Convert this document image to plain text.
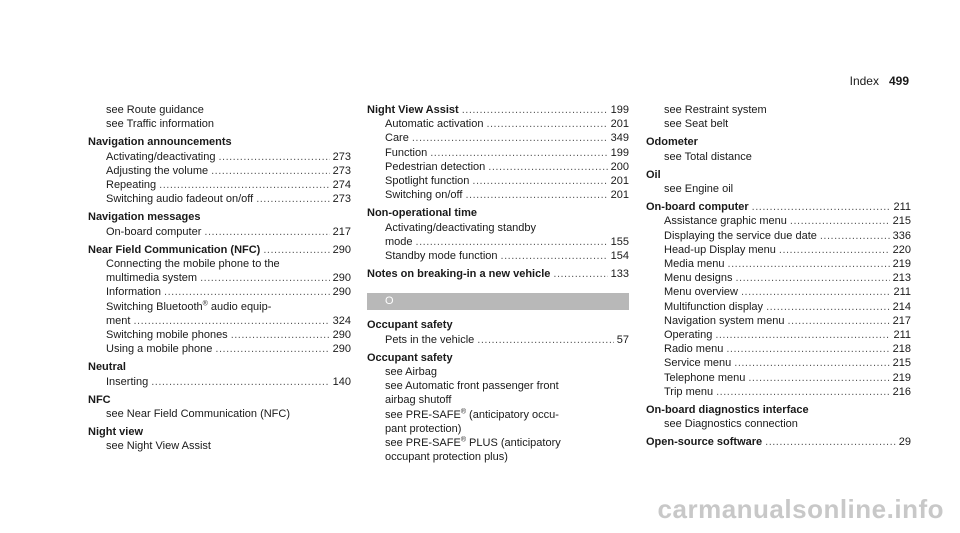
Index 499
see Route guidance
see Traffic information
Navigation announcements
Activating/deactivating .....	273
Adjusting the volume .....	273
Repeating .....	274
Switching audio fadeout on/off .....	273
Navigation messages
On-board computer .....	217
Near Field Communication (NFC) .....	290
Connecting the mobile phone to the
multimedia system .....	290
Information .....	290
Switching Bluetooth® audio equip-
ment .....	324
Switching mobile phones .....	290
Using a mobile phone .....	290
Neutral
Inserting .....	140
NFC
see Near Field Communication (NFC)
Night view
see Night View Assist
Night View Assist .....	199
Automatic activation .....	201
Care .....	349
Function .....	199
Pedestrian detection .....	200
Spotlight function .....	201
Switching on/off .....	201
Non-operational time
Activating/deactivating standby
mode .....	155
Standby mode function .....	154
Notes on breaking-in a new vehicle .....	133
O
Occupant safety
Pets in the vehicle .....	57
Occupant safety
see Airbag
see Automatic front passenger front
airbag shutoff
see PRE-SAFE® (anticipatory occu-
pant protection)
see PRE-SAFE® PLUS (anticipatory
occupant protection plus)
see Restraint system
see Seat belt
Odometer
see Total distance
Oil
see Engine oil
On-board computer .....	211
Assistance graphic menu .....	215
Displaying the service due date .....	336
Head-up Display menu .....	220
Media menu .....	219
Menu designs .....	213
Menu overview .....	211
Multifunction display .....	214
Navigation system menu .....	217
Operating .....	211
Radio menu .....	218
Service menu .....	215
Telephone menu .....	219
Trip menu .....	216
On-board diagnostics interface
see Diagnostics connection
Open-source software .....	29
carmanualsonline.info
